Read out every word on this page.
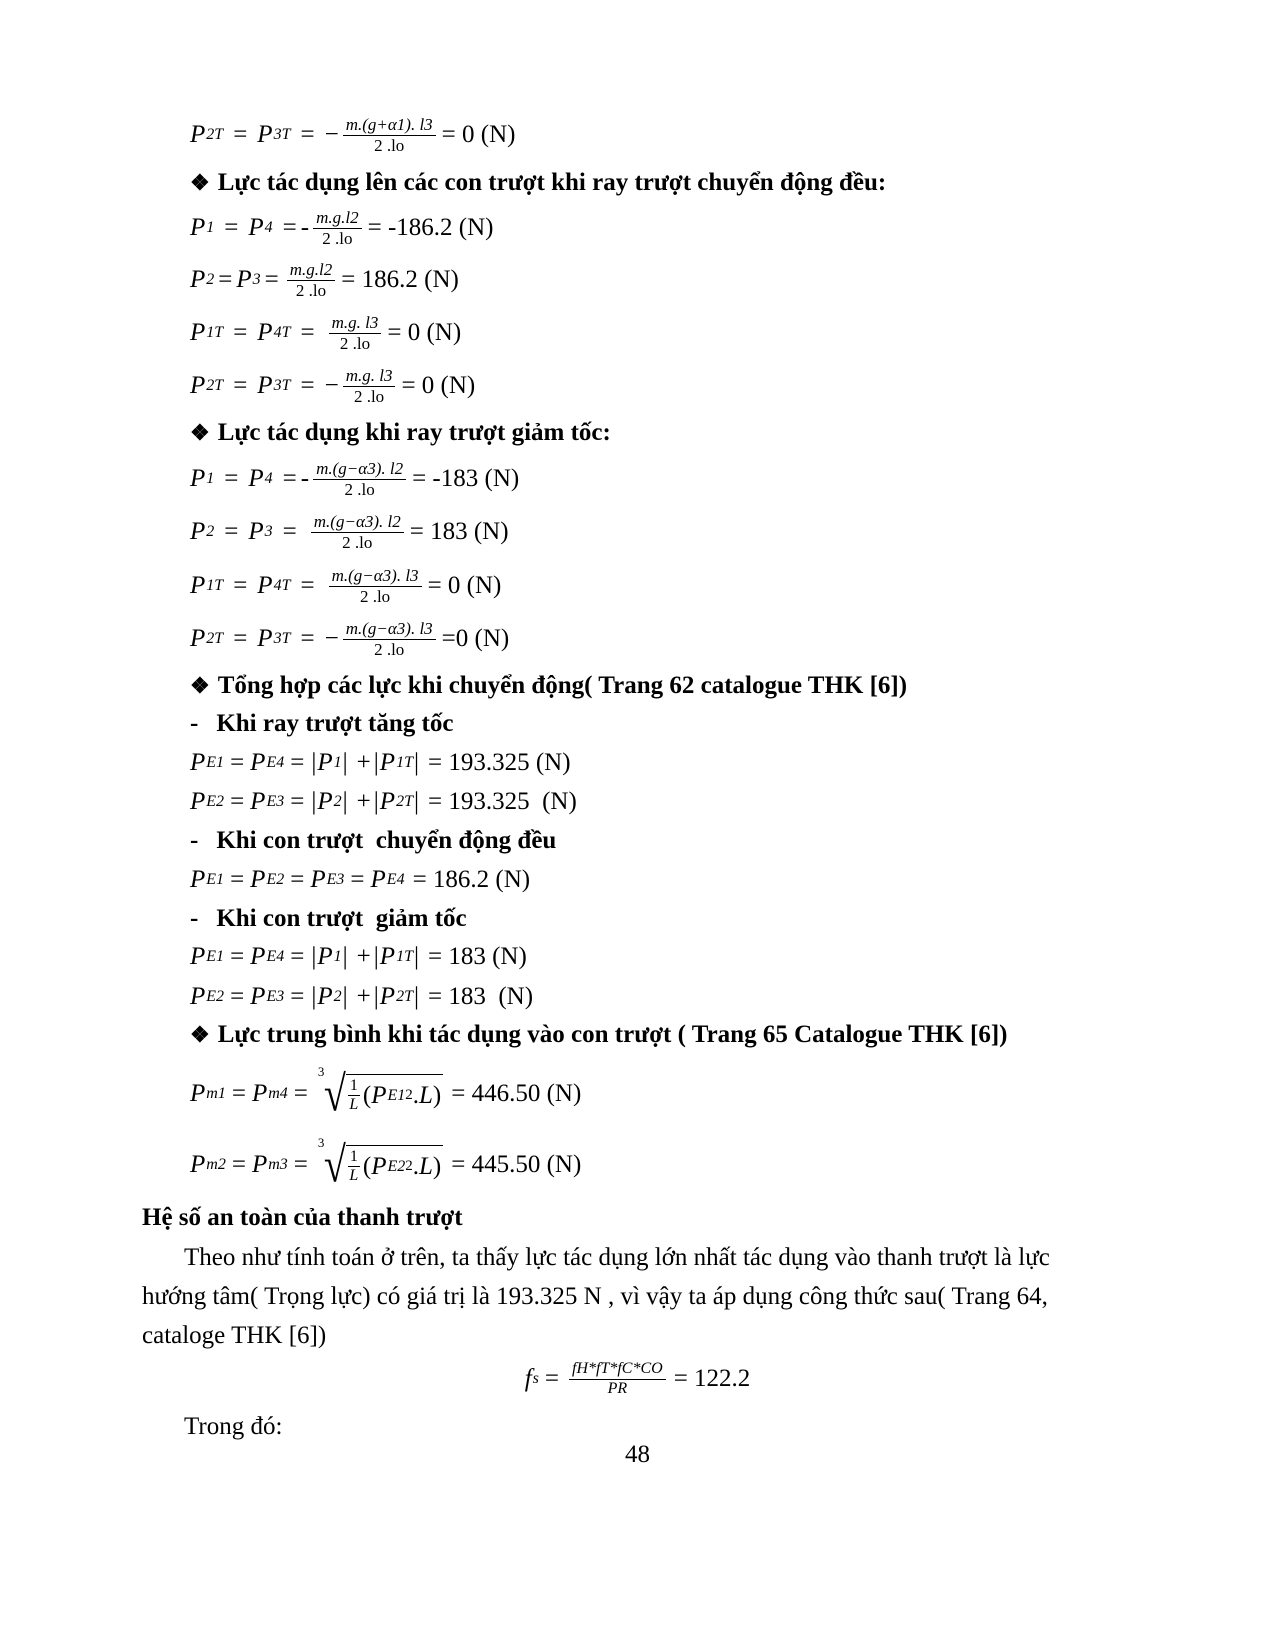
P 2T = P 3T = − $\frac{m.(g+\alpha 1). l3}{2 .lo} = 0$ (N)
❖ Lực tác dụng lên các con trượt khi ray trượt chuyển động đều:
P 1 = P 4 = - $\frac{m.g.l2}{2 .lo} = -186.2$ (N)
P 2 = P $3 = \frac{m.g.l2}{2 .lo} = 186.2$ (N)
P 1T = P $4T = \frac{m.g. l3}{2 .lo} = 0$ (N)
P 2T = P 3T = − $\frac{m.g. l3}{2 .lo} = 0$ (N)
❖ Lực tác dụng khi ray trượt giảm tốc:
P 1 = P 4 = - $\frac{m.(g-\alpha 3). l2}{2 .lo} = -183$ (N)
P 2 = P $3 = \frac{m.(g-\alpha 3). l2}{2 .lo} = 183$ (N)
P 1T = P $4T = \frac{m.(g-\alpha 3). l3}{2 .lo} = 0$ (N)
P 2T = P 3T = − $\frac{m.(g-\alpha 3). l3}{2 .lo} =0$ (N)
❖ Tổng hợp các lực khi chuyển động( Trang 62 catalogue THK [6])
- Khi ray trượt tăng tốc
P E1 = P E4 = | P 1 | + | P 1T | = 193.325 (N)
P E2 = P E3 = | P 2 | + | P 2T | = 193.325  (N)
- Khi con trượt  chuyển động đều
P E1 = P E2 = P E3 = P E4 = 186.2 (N)
- Khi con trượt  giảm tốc
P E1 = P E4 = | P 1 | + | P 1T | = 183 (N)
P E2 = P E3 = | P 2 | + | P 2T | = 183  (N)
❖ Lực trung bình khi tác dụng vào con trượt ( Trang 65 Catalogue THK [6])
P m1 = P m4 =
3 √ 1
L ( P E1 2 . L ) = 446.50 (N)
P m2 = P m3 =
3 √ 1
L ( P E2 2 . L ) = 445.50 (N)
Hệ số an toàn của thanh trượt
Theo như tính toán ở trên, ta thấy lực tác dụng lớn nhất tác dụng vào thanh trượt là lực hướng tâm( Trọng lực) có giá trị là 193.325 N , vì vậy ta áp dụng công thức sau( Trang 64, cataloge THK [6])
f $s = \frac{fH*fT*fC*CO}{PR} = 122.2$
Trong đó:
48
